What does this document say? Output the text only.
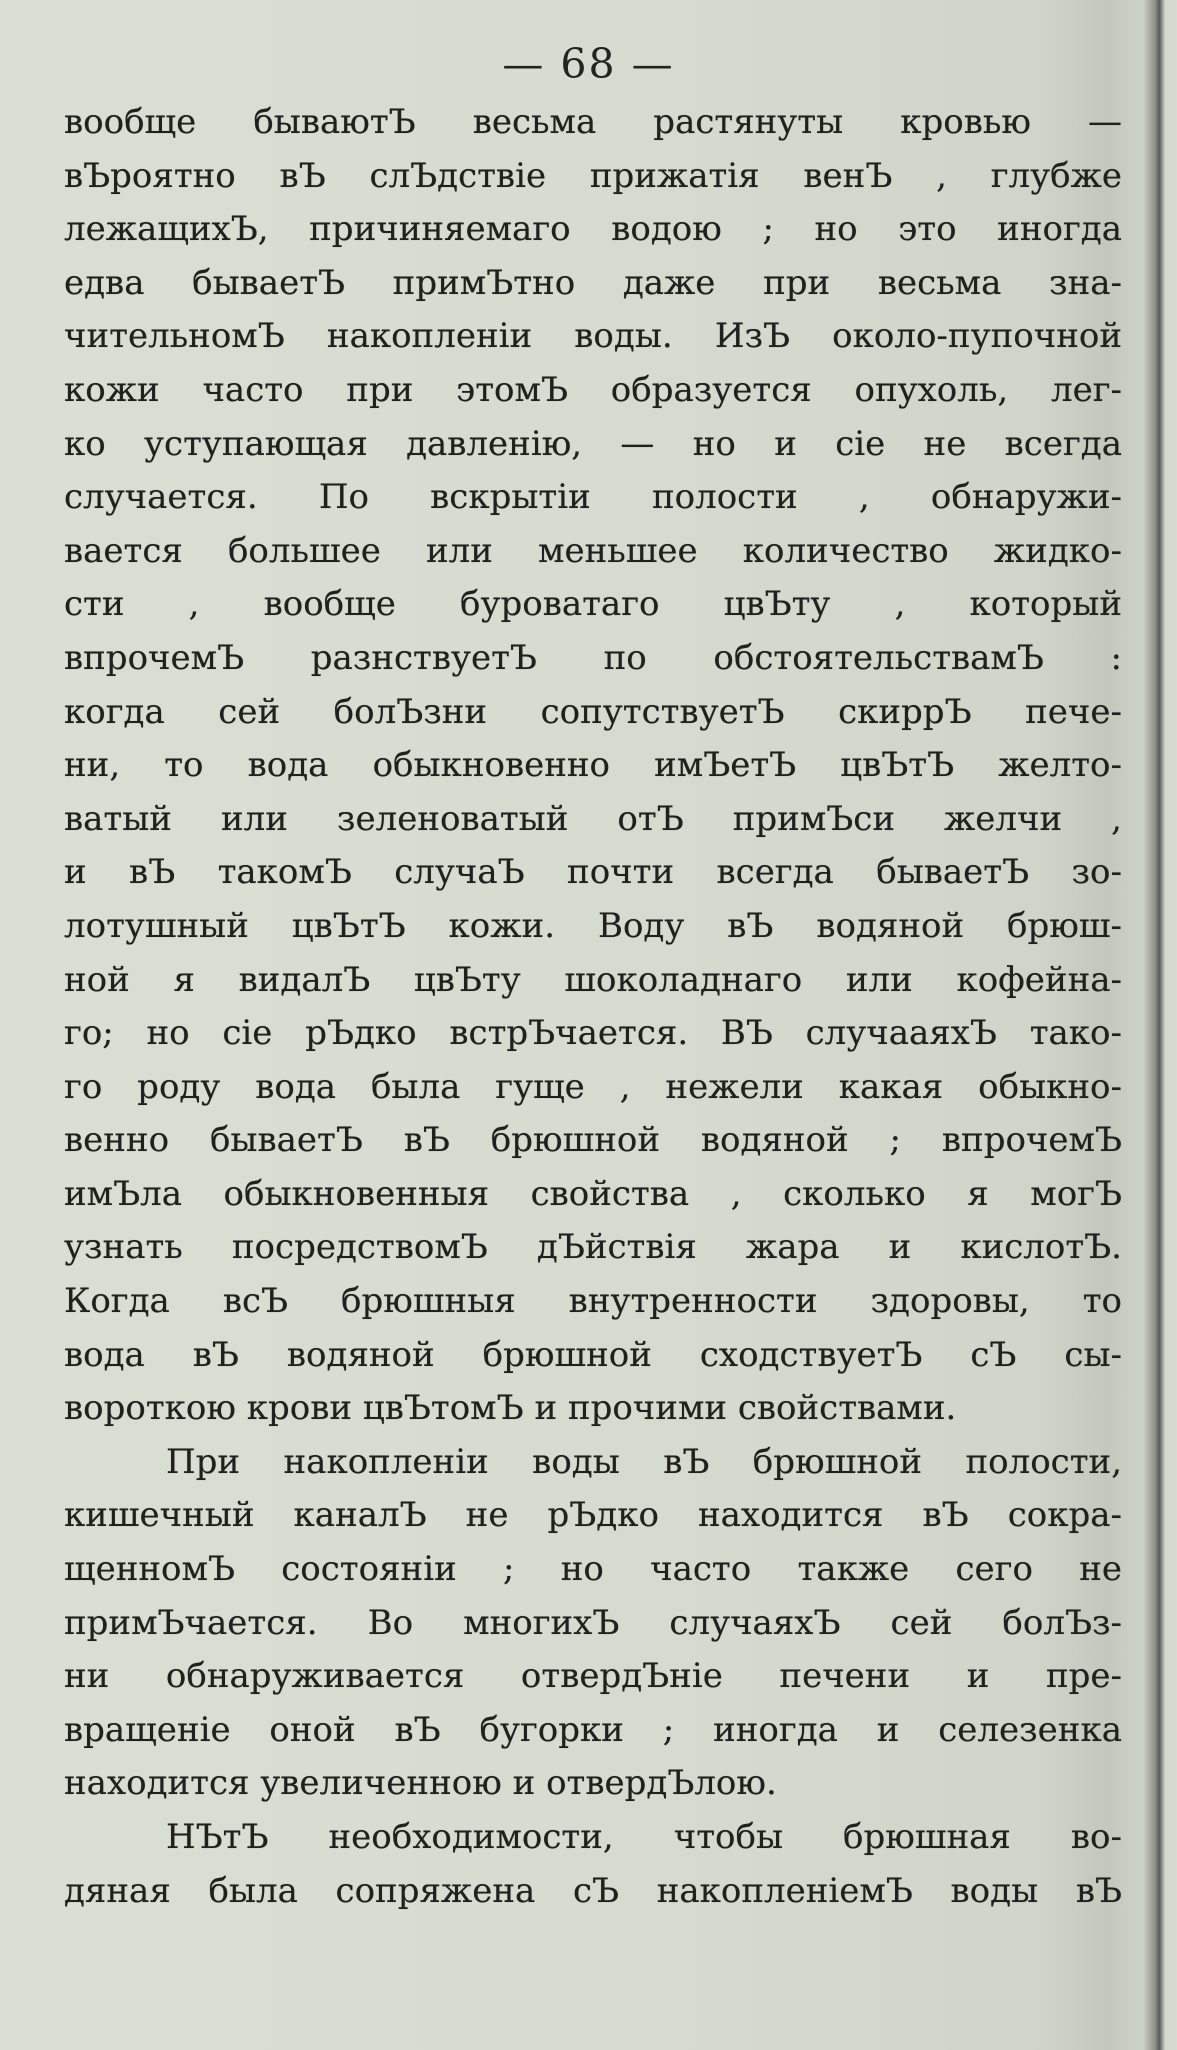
— 68 —

вообще бываютЪ весьма растянуты кровью —
вЪроятно вЪ слЪдствіе прижатія венЪ , глубже
лежащихЪ, причиняемаго водою ; но это иногда
едва бываетЪ примЪтно даже при весьма зна-
чительномЪ накопленіи воды. ИзЪ около-пупочной
кожи часто при этомЪ образуется опухоль, лег-
ко уступающая давленію, — но и сіе не всегда
случается. По вскрытіи полости , обнаружи-
вается большее или меньшее количество жидко-
сти , вообще буроватаго цвЪту , который
впрочемЪ разнствуетЪ по обстоятельствамЪ :
когда сей болЪзни сопутствуетЪ скиррЪ пече-
ни, то вода обыкновенно имЪетЪ цвЪтЪ желто-
ватый или зеленоватый отЪ примЪси желчи ,
и вЪ такомЪ случаЪ почти всегда бываетЪ зо-
лотушный цвЪтЪ кожи. Воду вЪ водяной брюш-
ной я видалЪ цвЪту шоколаднаго или кофейна-
го; но сіе рЪдко встрЪчается. ВЪ случааяхЪ тако-
го роду вода была гуще , нежели какая обыкно-
венно бываетЪ вЪ брюшной водяной ; впрочемЪ
имЪла обыкновенныя свойства , сколько я могЪ
узнать посредствомЪ дЪйствія жара и кислотЪ.
Когда всЪ брюшныя внутренности здоровы, то
вода вЪ водяной брюшной сходствуетЪ сЪ сы-
вороткою крови цвЪтомЪ и прочими свойствами.

При накопленіи воды вЪ брюшной полости,
кишечный каналЪ не рЪдко находится вЪ сокра-
щенномЪ состояніи ; но часто также сего не
примЪчается. Во многихЪ случаяхЪ сей болЪз-
ни обнаруживается отвердЪніе печени и пре-
вращеніе оной вЪ бугорки ; иногда и селезенка
находится увеличенною и отвердЪлою.

НЪтЪ необходимости, чтобы брюшная во-
дяная была сопряжена сЪ накопленіемЪ воды вЪ
